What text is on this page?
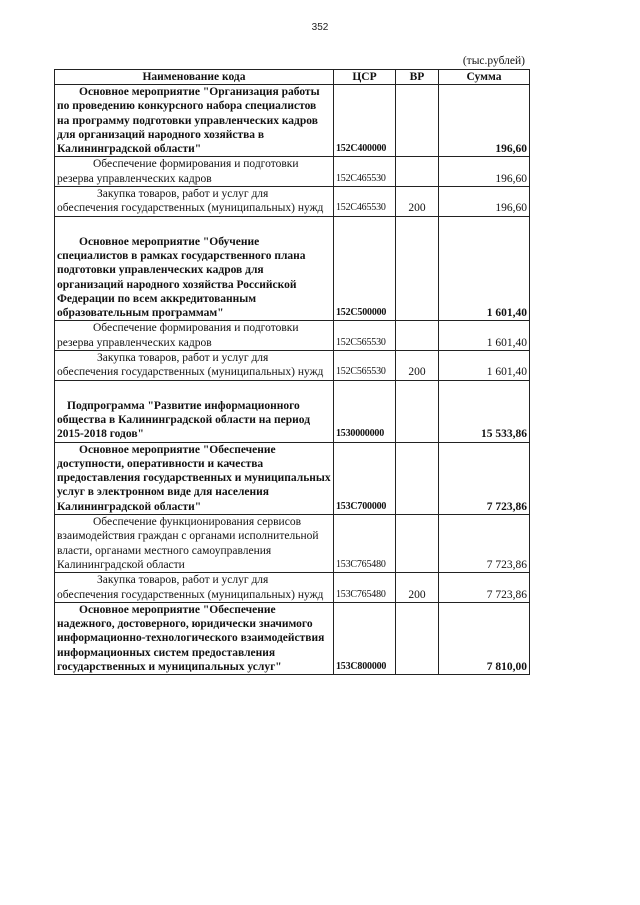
352
(тыс.рублей)
Наименование кода	ЦСР	ВР	Сумма
Основное мероприятие "Организация работы по проведению конкурсного набора специалистов на программу подготовки управленческих кадров для организаций народного хозяйства в Калининградской области"	152С400000		196,60
Обеспечение формирования и подготовки резерва управленческих кадров	152С465530		196,60
Закупка товаров, работ и услуг для обеспечения государственных (муниципальных) нужд	152С465530	200	196,60
Основное мероприятие "Обучение специалистов в рамках государственного плана подготовки управленческих кадров для организаций народного хозяйства Российской Федерации по всем аккредитованным образовательным программам"	152С500000		1 601,40
Обеспечение формирования и подготовки резерва управленческих кадров	152С565530		1 601,40
Закупка товаров, работ и услуг для обеспечения государственных (муниципальных) нужд	152С565530	200	1 601,40
Подпрограмма "Развитие информационного общества в Калининградской области на период 2015-2018 годов"	1530000000		15 533,86
Основное мероприятие "Обеспечение доступности, оперативности и качества предоставления государственных и муниципальных услуг в электронном виде для населения Калининградской области"	153С700000		7 723,86
Обеспечение функционирования сервисов взаимодействия граждан с органами исполнительной власти, органами местного самоуправления Калининградской области	153С765480		7 723,86
Закупка товаров, работ и услуг для обеспечения государственных (муниципальных) нужд	153С765480	200	7 723,86
Основное мероприятие "Обеспечение надежного, достоверного, юридически значимого информационно-технологического взаимодействия информационных систем предоставления государственных и муниципальных услуг"	153С800000		7 810,00
